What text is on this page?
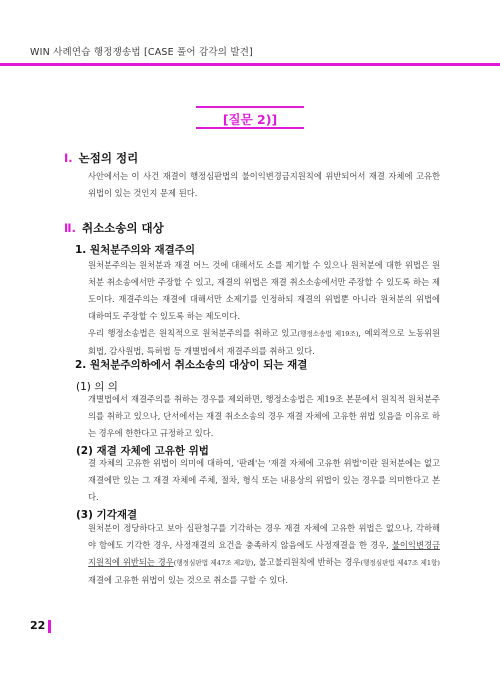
WIN 사례연습 행정쟁송법 [CASE 풀어 감각의 발견]
[질문 2)]
Ⅰ. 논점의 정리
사안에서는 이 사건 재결이 행정심판법의 불이익변경금지원칙에 위반되어서 재결 자체에 고유한 위법이 있는 것인지 문제 된다.
Ⅱ. 취소소송의 대상
1. 원처분주의와 재결주의
원처분주의는 원처분과 재결 어느 것에 대해서도 소를 제기할 수 있으나 원처분에 대한 위법은 원처분 취소송에서만 주장할 수 있고, 재결의 위법은 재결 취소소송에서만 주장할 수 있도록 하는 제도이다. 재결주의는 재결에 대해서만 소제기를 인정하되 재결의 위법뿐 아니라 원처분의 위법에 대하여도 주장할 수 있도록 하는 제도이다.
우리 행정소송법은 원칙적으로 원처분주의를 취하고 있고(행정소송법 제19조), 예외적으로 노동위원회법, 감사원법, 특허법 등 개별법에서 재결주의를 취하고 있다.
2. 원처분주의하에서 취소소송의 대상이 되는 재결
(1) 의 의
개별법에서 재결주의를 취하는 경우를 제외하면, 행정소송법은 제19조 본문에서 원칙적 원처분주의를 취하고 있으나, 단서에서는 재결 취소소송의 경우 재결 자체에 고유한 위법 있음을 이유로 하는 경우에 한한다고 규정하고 있다.
(2) 재결 자체에 고유한 위법
결 자체의 고유한 위법이 의미에 대하여, '판례'는 '재결 자체에 고유한 위법'이란 원처분에는 없고 재결에만 있는 그 재결 자체에 주체, 절차, 형식 또는 내용상의 위법이 있는 경우를 의미한다고 본다.
(3) 기각재결
원처분이 정당하다고 보아 심판청구를 기각하는 경우 재결 자체에 고유한 위법은 없으나, 각하해야 함에도 기각한 경우, 사정재결의 요건을 충족하지 않음에도 사정재결을 한 경우, 불이익변경금지원칙에 위반되는 경우(행정심판법 제47조 제2항), 불고불리원칙에 반하는 경우(행정심판법 제47조 제1항) 재결에 고유한 위법이 있는 것으로 취소를 구할 수 있다.
22
